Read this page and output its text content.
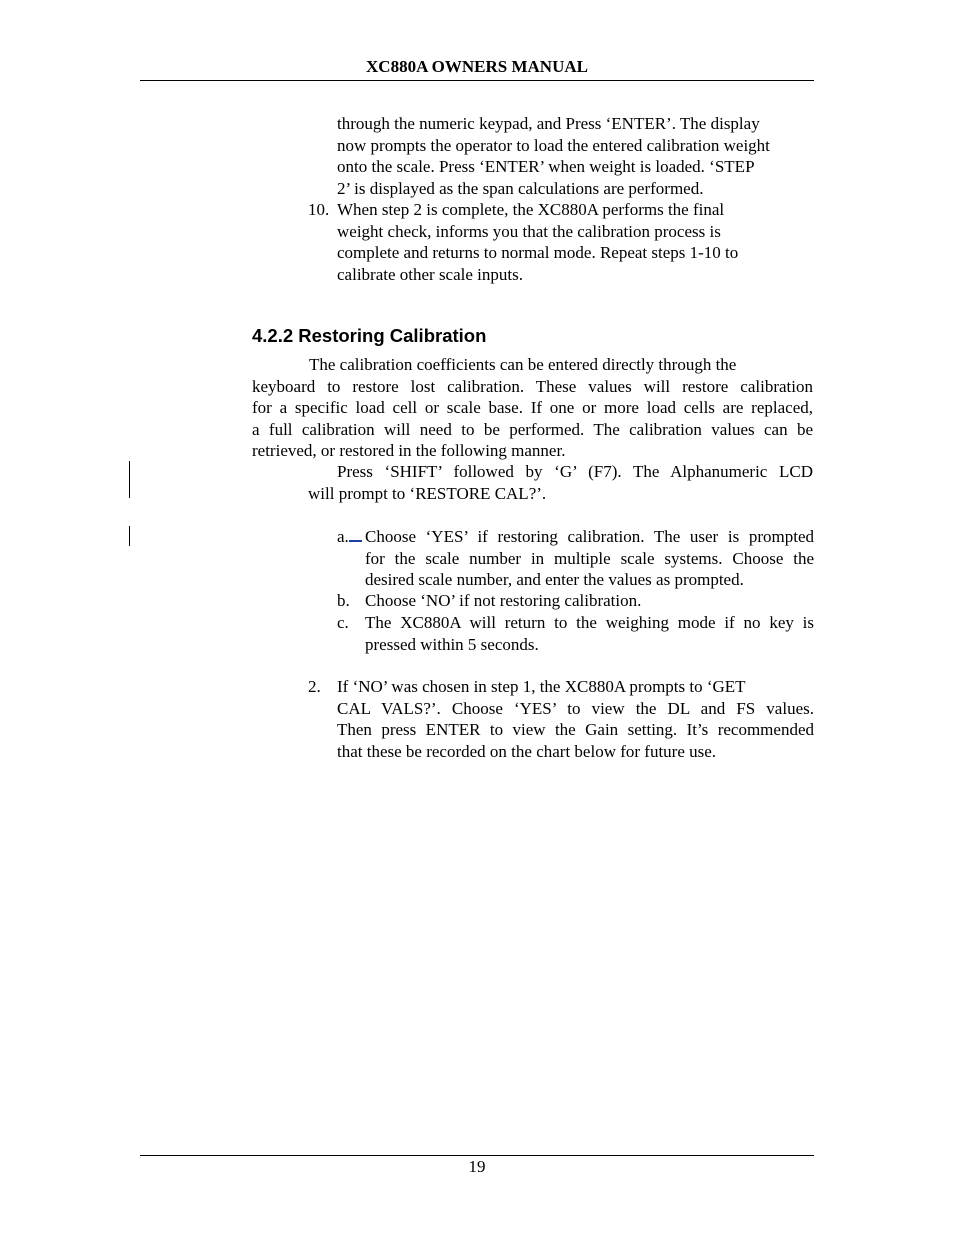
XC880A OWNERS MANUAL
through the numeric keypad, and Press ‘ENTER’. The display
now prompts the operator to load the entered calibration weight
onto the scale. Press ‘ENTER’ when weight is loaded. ‘STEP
2’ is displayed as the span calculations are performed.
10. When step 2 is complete, the XC880A performs the final
weight check, informs you that the calibration process is
complete and returns to normal mode. Repeat steps 1-10 to
calibrate other scale inputs.
4.2.2 Restoring Calibration
The calibration coefficients can be entered directly through the
keyboard to restore lost calibration. These values will restore calibration
for a specific load cell or scale base. If one or more load cells are replaced,
a full calibration will need to be performed. The calibration values can be
retrieved, or restored in the following manner.
Press ‘SHIFT’ followed by ‘G’ (F7). The Alphanumeric LCD
will prompt to ‘RESTORE CAL?’.
a. Choose ‘YES’ if restoring calibration. The user is prompted
for the scale number in multiple scale systems. Choose the
desired scale number, and enter the values as prompted.
b. Choose ‘NO’ if not restoring calibration.
c. The XC880A will return to the weighing mode if no key is
pressed within 5 seconds.
2. If ‘NO’ was chosen in step 1, the XC880A prompts to ‘GET
CAL VALS?’. Choose ‘YES’ to view the DL and FS values.
Then press ENTER to view the Gain setting. It’s recommended
that these be recorded on the chart below for future use.
19
